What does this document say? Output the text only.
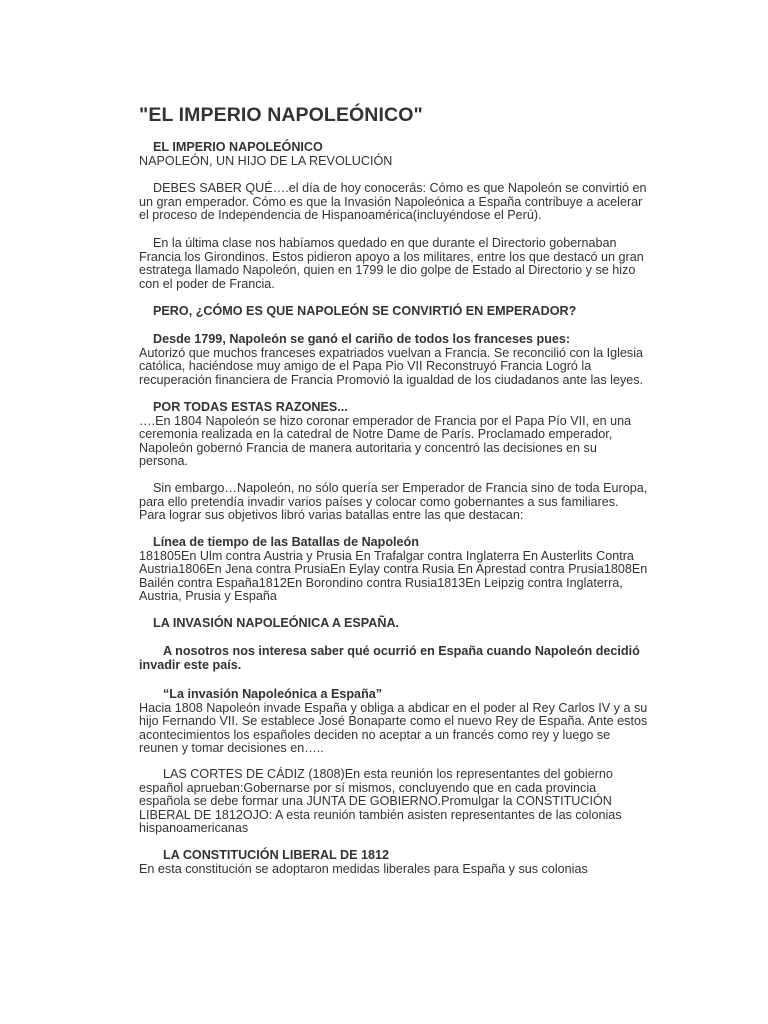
"EL IMPERIO NAPOLEÓNICO"

EL IMPERIO NAPOLEÓNICO
NAPOLEÓN, UN HIJO DE LA REVOLUCIÓN

DEBES SABER QUÉ….el día de hoy conocerás: Cómo es que Napoleón se convirtió en
un gran emperador. Cómo es que la Invasión Napoleónica a España contribuye a acelerar
el proceso de Independencia de Hispanoamérica(incluyéndose el Perú).

En la última clase nos habíamos quedado en que durante el Directorio gobernaban
Francia los Girondinos. Estos pidieron apoyo a los militares, entre los que destacó un gran
estratega llamado Napoleón, quien en 1799 le dio golpe de Estado al Directorio y se hizo
con el poder de Francia.

PERO, ¿CÓMO ES QUE NAPOLEÓN SE CONVIRTIÓ EN EMPERADOR?

Desde 1799, Napoleón se ganó el cariño de todos los franceses pues:
Autorizó que muchos franceses expatriados vuelvan a Francia. Se reconcilió con la Iglesia
católica, haciéndose muy amigo de el Papa Pio VII Reconstruyó Francia Logró la
recuperación financiera de Francia Promovió la igualdad de los ciudadanos ante las leyes.

POR TODAS ESTAS RAZONES...
….En 1804 Napoleón se hizo coronar emperador de Francia por el Papa Pío VII, en una
ceremonia realizada en la catedral de Notre Dame de París. Proclamado emperador,
Napoleón gobernó Francia de manera autoritaria y concentró las decisiones en su
persona.

Sin embargo…Napoleón, no sólo quería ser Emperador de Francia sino de toda Europa,
para ello pretendía invadir varios países y colocar como gobernantes a sus familiares.
Para lograr sus objetivos libró varias batallas entre las que destacan:

Línea de tiempo de las Batallas de Napoleón
181805En Ulm contra Austria y Prusia En Trafalgar contra Inglaterra En Austerlits Contra
Austria1806En Jena contra PrusiaEn Eylay contra Rusia En Aprestad contra Prusia1808En
Bailén contra España1812En Borondino contra Rusia1813En Leipzig contra Inglaterra,
Austria, Prusia y España

LA INVASIÓN NAPOLEÓNICA A ESPAÑA.

A nosotros nos interesa saber qué ocurrió en España cuando Napoleón decidió
invadir este país.

“La invasión Napoleónica a España”
Hacia 1808 Napoleón invade España y obliga a abdicar en el poder al Rey Carlos IV y a su
hijo Fernando VII. Se establece José Bonaparte como el nuevo Rey de España. Ante estos
acontecimientos los españoles deciden no aceptar a un francés como rey y luego se
reunen y tomar decisiones en…..

LAS CORTES DE CÁDIZ (1808)En esta reunión los representantes del gobierno
español aprueban:Gobernarse por sí mismos, concluyendo que en cada provincia
española se debe formar una JUNTA DE GOBIERNO.Promulgar la CONSTITUCIÓN
LIBERAL DE 1812OJO: A esta reunión también asisten representantes de las colonias
hispanoamericanas

LA CONSTITUCIÓN LIBERAL DE 1812
En esta constitución se adoptaron medidas liberales para España y sus colonias
